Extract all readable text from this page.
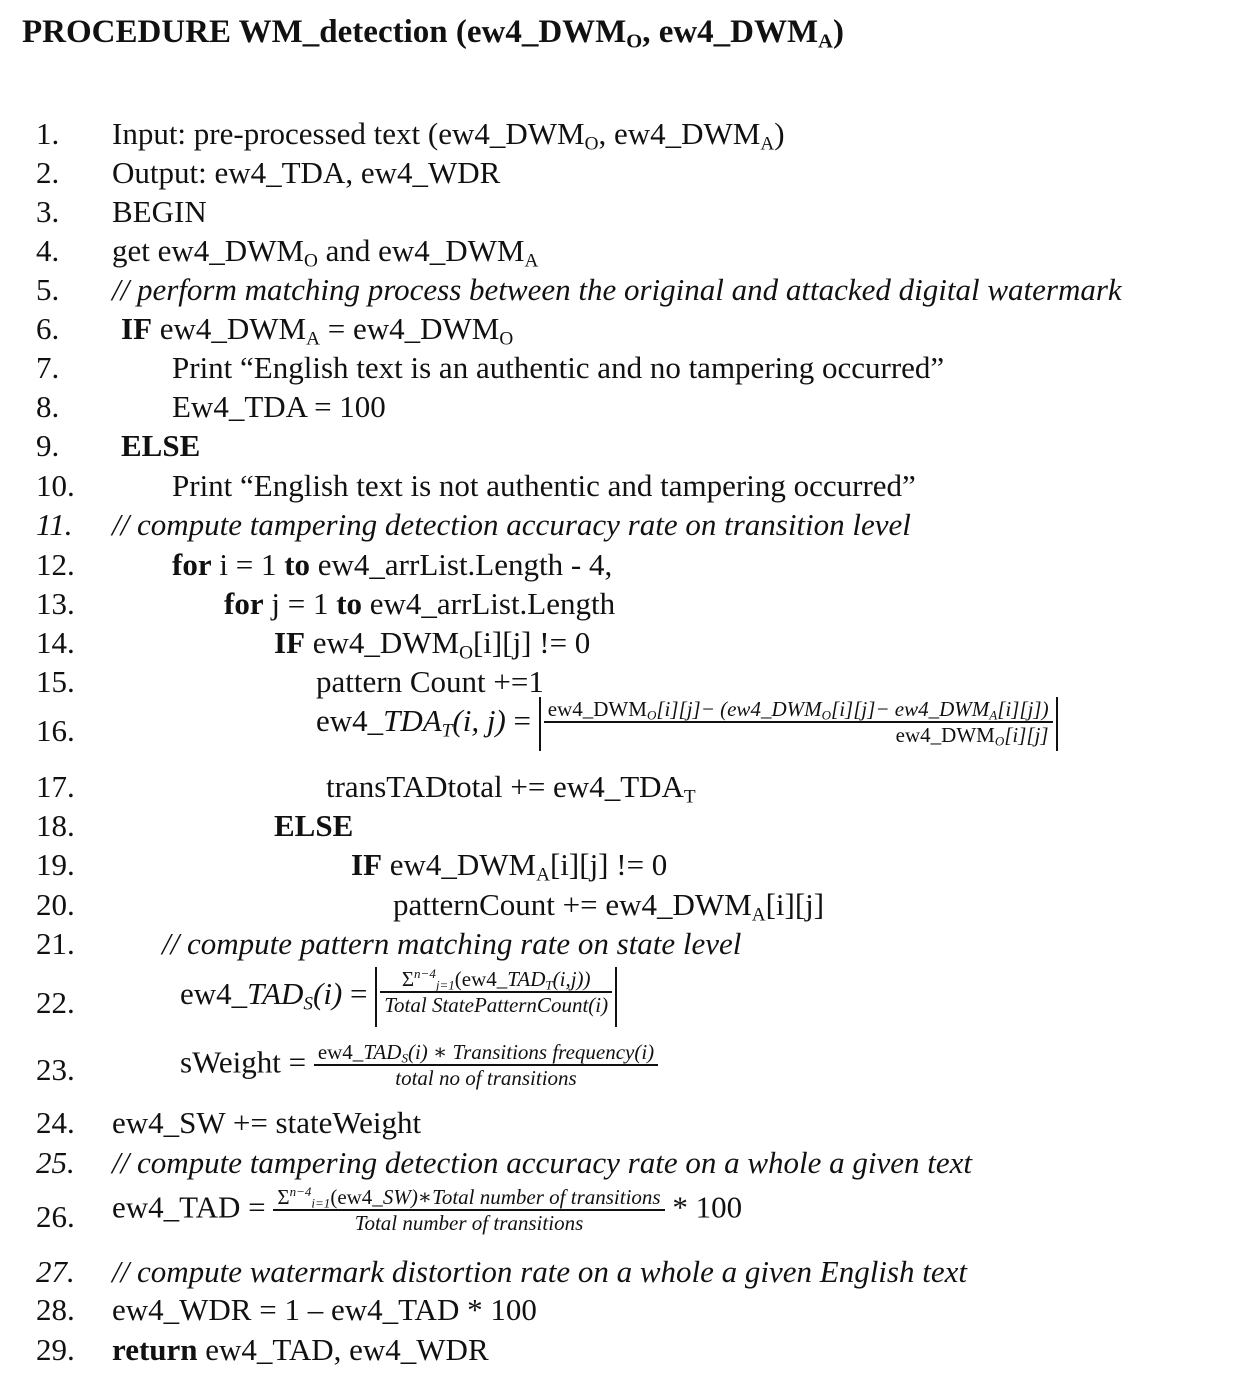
PROCEDURE WM_detection ($ew4\_DWM_O$, $ew4\_DWM_A$)
1. Input: pre-processed text ($ew4\_DWM_O$, $ew4\_DWM_A$)
2. Output: ew4_TDA, ew4_WDR
3. BEGIN
4. get $ew4\_DWM_O$ and $ew4\_DWM_A$
5. // perform matching process between the original and attacked digital watermark
6. IF $ew4\_DWM_A$ = $ew4\_DWM_O$
7.	Print “English text is an authentic and no tampering occurred”
8.	Ew4_TDA = 100
9. ELSE
10.	Print “English text is not authentic and tampering occurred”
11. // compute tampering detection accuracy rate on transition level
12.	for i = 1 to ew4_arrList.Length - 4,
13.	for j = 1 to ew4_arrList.Length
14.	IF $ew4\_DWM_O[i][j]$ != 0
15.	pattern Count +=1
16.	$ew4\_TDA_T(i$, $j) = ew4\_DWM_O[i][j]-$ ($ew4\_DWM_O[i][j]-$ $ew4\_DWM_A[i][j]$)
$ew4\_DWM_O[i][j]$
17.	transTADtotal += $ew4\_TDA_T$
18.	ELSE
19.	IF $ew4\_DWM_A[i][j]$ != 0
20.	patternCount += $ew4\_DWM_A[i][j]$
21.	// compute pattern matching rate on state level
22.	$ew4\_TAD_S(i)$ =	$\Sigma^{n-4}_{j=1}(ew4\_TAD_T(i,j))$
Total StatePatternCount(i)
23.	sWeight = $ew4\_TAD_S(i)$ ∗ Transitions frequency(i)
total no of transitions
24. ew4_SW += stateWeight
25. // compute tampering detection accuracy rate on a whole a given text
26. ew4_TAD = $\Sigma^{n-4}_{i=1}(ew4\_SW)∗Total$ number of transitions
Total number of transitions	* 100
27. // compute watermark distortion rate on a whole a given English text
28. ew4_WDR = 1 – ew4_TAD * 100
29. return ew4_TAD, ew4_WDR
